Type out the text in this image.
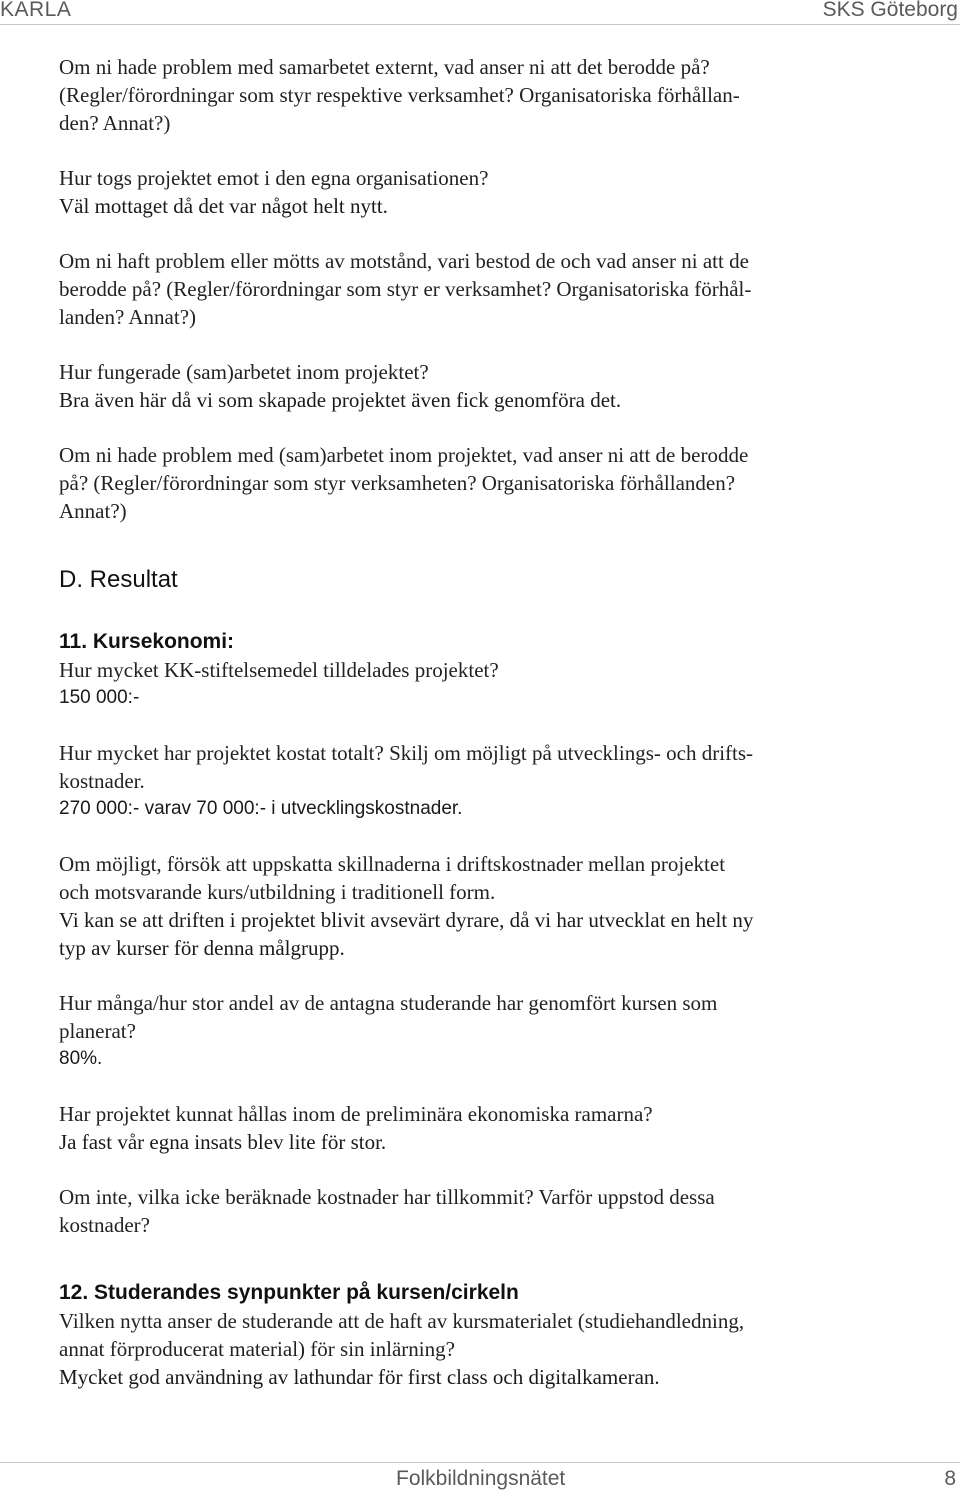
KARLA	SKS Göteborg

Om ni hade problem med samarbetet externt, vad anser ni att det berodde på?

(Regler/förordningar som styr respektive verksamhet? Organisatoriska förhållan-

den? Annat?)

Hur togs projektet emot i den egna organisationen?

Väl mottaget då det var något helt nytt.

Om ni haft problem eller mötts av motstånd, vari bestod de och vad anser ni att de

berodde på? (Regler/förordningar som styr er verksamhet? Organisatoriska förhål-

landen? Annat?)

Hur fungerade (sam)arbetet inom projektet?

Bra även här då vi som skapade projektet även fick genomföra det.

Om ni hade problem med (sam)arbetet inom projektet, vad anser ni att de berodde

på? (Regler/förordningar som styr verksamheten? Organisatoriska förhållanden?

Annat?)

D. Resultat

11. Kursekonomi:

Hur mycket KK-stiftelsemedel tilldelades projektet?

150 000:-

Hur mycket har projektet kostat totalt? Skilj om möjligt på utvecklings- och drifts-

kostnader.

270 000:- varav 70 000:- i utvecklingskostnader.

Om möjligt, försök att uppskatta skillnaderna i driftskostnader mellan projektet

och motsvarande kurs/utbildning i traditionell form.

Vi kan se att driften i projektet blivit avsevärt dyrare, då vi har utvecklat en helt ny

typ av kurser för denna målgrupp.

Hur många/hur stor andel av de antagna studerande har genomfört kursen som

planerat?

80%.

Har projektet kunnat hållas inom de preliminära ekonomiska ramarna?

Ja fast vår egna insats blev lite för stor.

Om inte, vilka icke beräknade kostnader har tillkommit? Varför uppstod dessa

kostnader?

12. Studerandes synpunkter på kursen/cirkeln

Vilken nytta anser de studerande att de haft av kursmaterialet (studiehandledning,

annat förproducerat material) för sin inlärning?

Mycket god användning av lathundar för first class och digitalkameran.

Folkbildningsnätet	8
